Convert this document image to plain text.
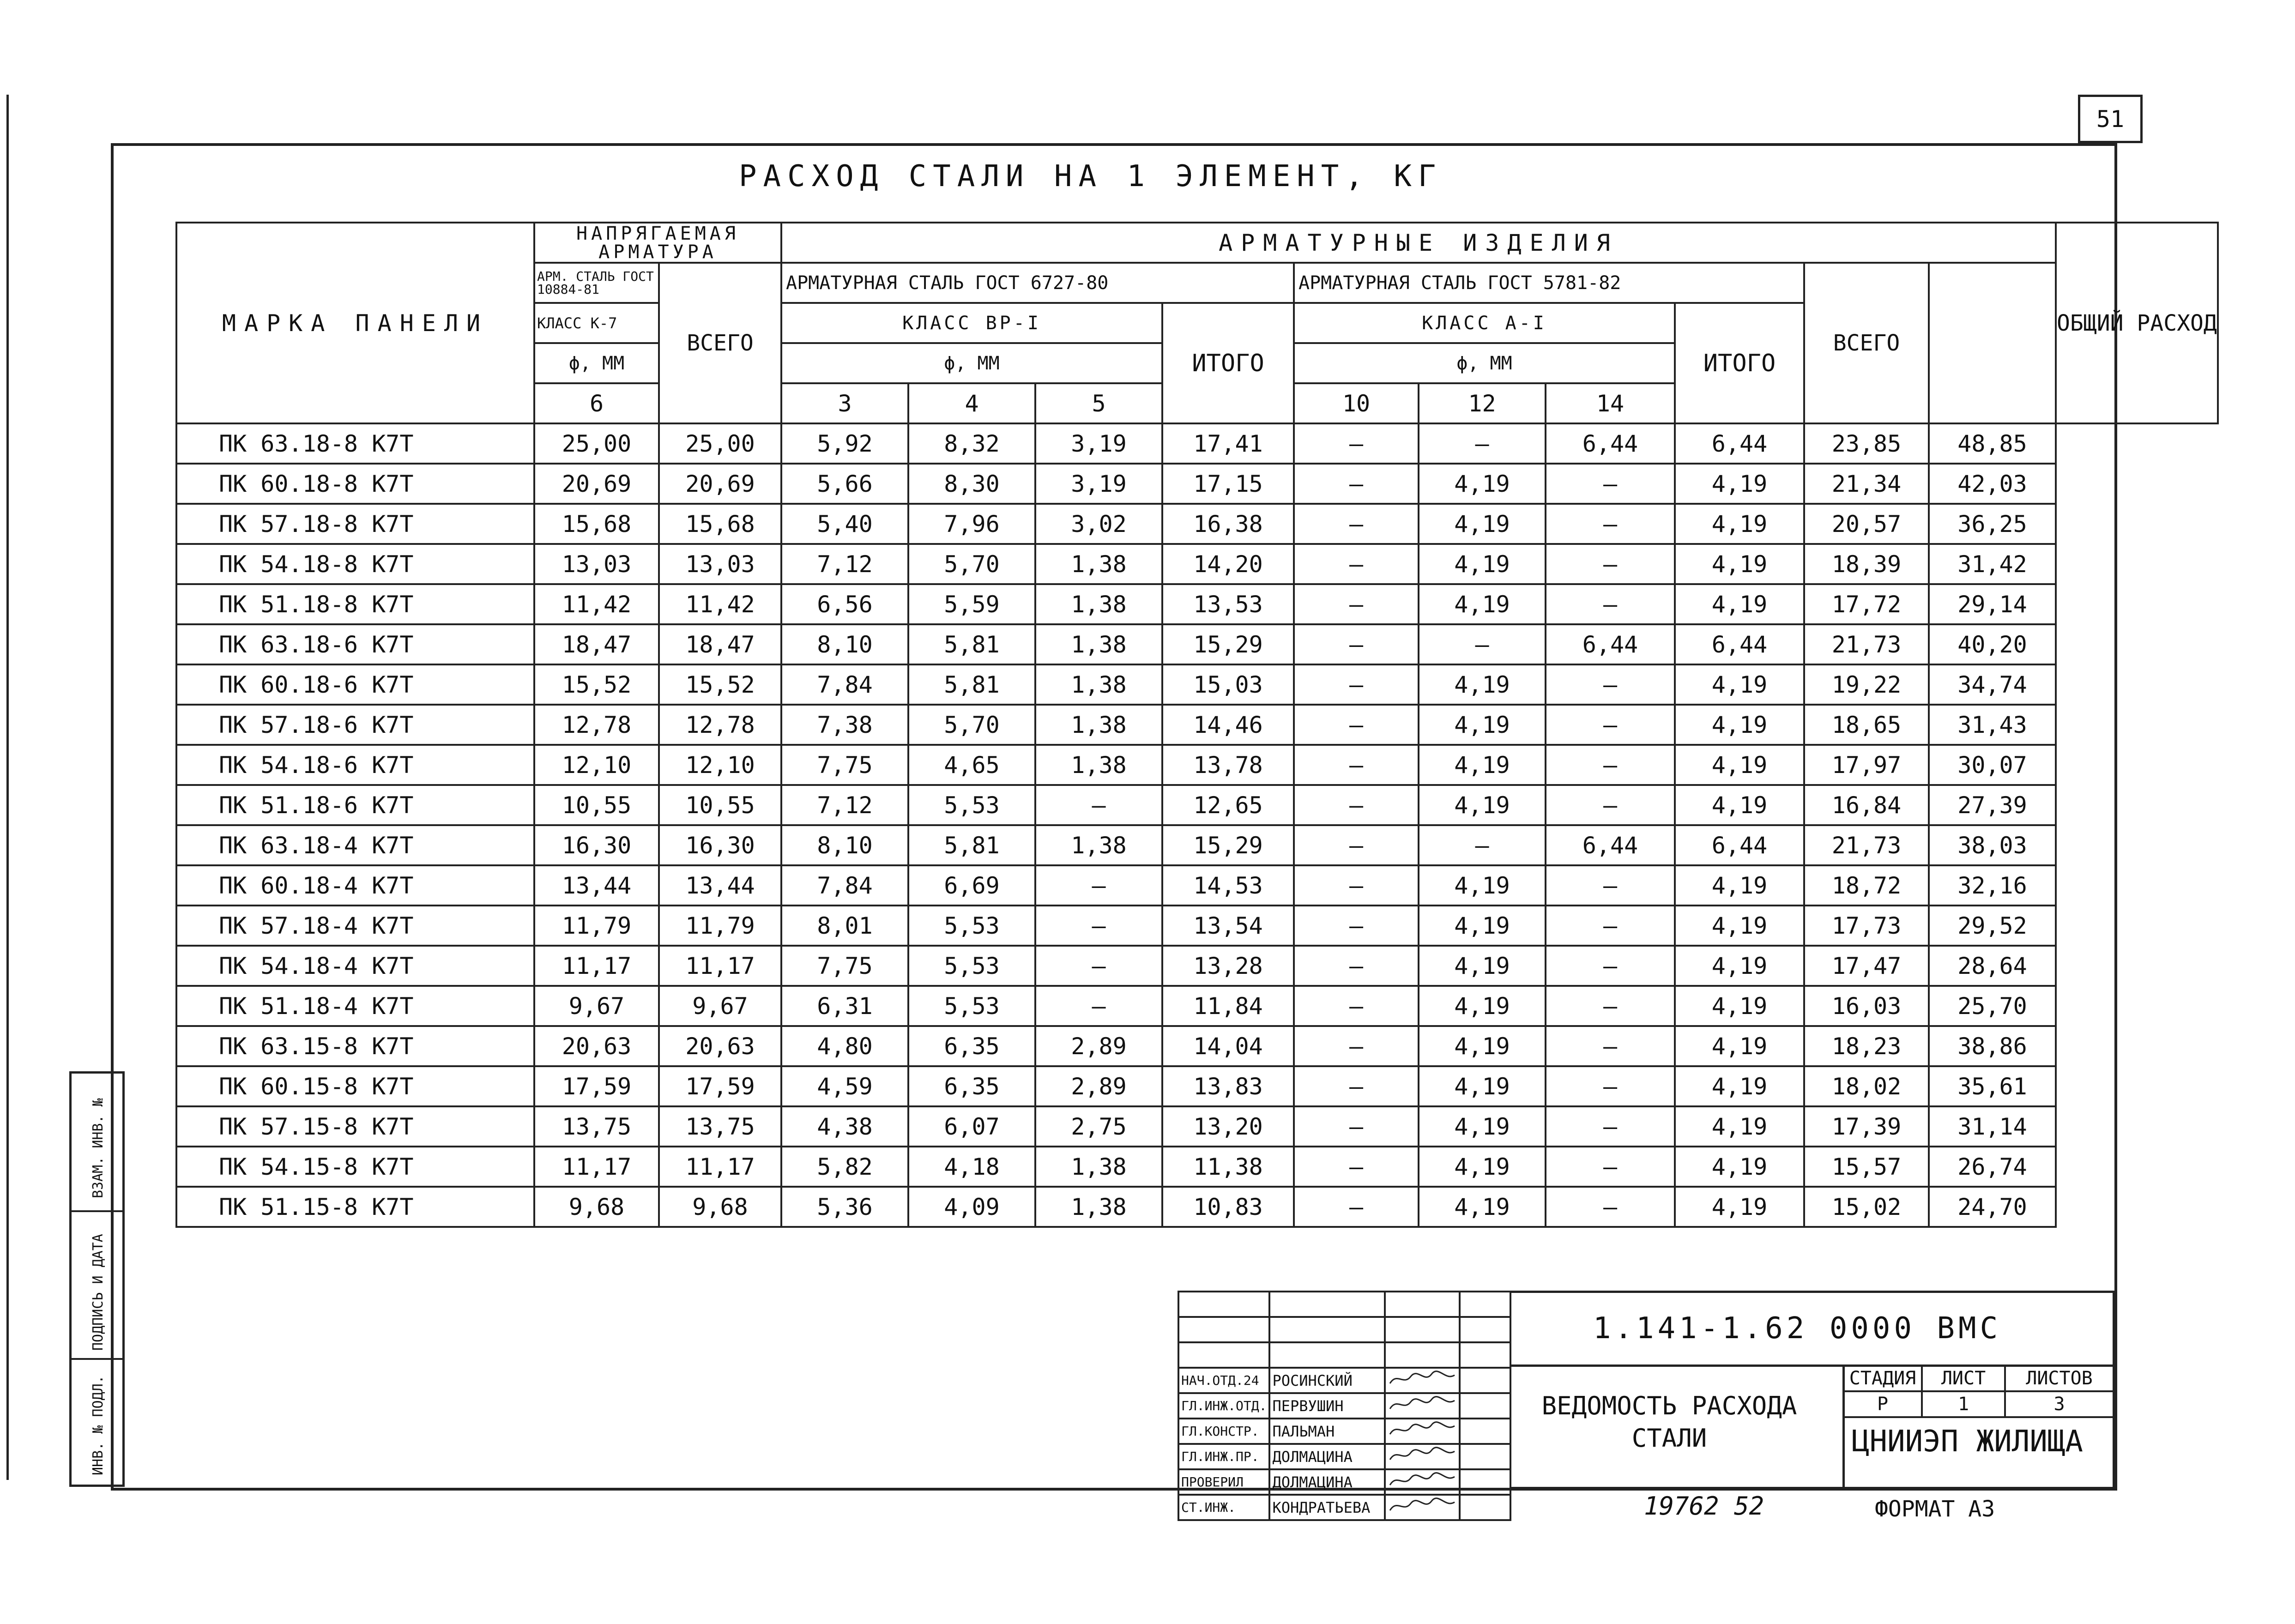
51
РАСХОД СТАЛИ НА 1 ЭЛЕМЕНТ, КГ
МАРКА ПАНЕЛИ	НАПРЯГАЕМАЯ АРМАТУРА		АРМАТУРНЫЕ ИЗДЕЛИЯ										ОБЩИЙ РАСХОД
	АРМ. СТАЛЬ ГОСТ 10884-81	ВСЕГО	АРМАТУРНАЯ СТАЛЬ ГОСТ 6727-80				АРМАТУРНАЯ СТАЛЬ ГОСТ 5781-82				ВСЕГО		
	КЛАСС К-7		КЛАСС ВР-I			ИТОГО	КЛАСС А-I			ИТОГО			
	ϕ, ММ		ϕ, ММ				ϕ, ММ						
	6		3	4	5		10	12	14				
ПК 63.18-8 К7Т	25,00	25,00	5,92	8,32	3,19	17,41	—	—	6,44	6,44	23,85	48,85	
ПК 60.18-8 К7Т	20,69	20,69	5,66	8,30	3,19	17,15	—	4,19	—	4,19	21,34	42,03	
ПК 57.18-8 К7Т	15,68	15,68	5,40	7,96	3,02	16,38	—	4,19	—	4,19	20,57	36,25	
ПК 54.18-8 К7Т	13,03	13,03	7,12	5,70	1,38	14,20	—	4,19	—	4,19	18,39	31,42	
ПК 51.18-8 К7Т	11,42	11,42	6,56	5,59	1,38	13,53	—	4,19	—	4,19	17,72	29,14	
ПК 63.18-6 К7Т	18,47	18,47	8,10	5,81	1,38	15,29	—	—	6,44	6,44	21,73	40,20	
ПК 60.18-6 К7Т	15,52	15,52	7,84	5,81	1,38	15,03	—	4,19	—	4,19	19,22	34,74	
ПК 57.18-6 К7Т	12,78	12,78	7,38	5,70	1,38	14,46	—	4,19	—	4,19	18,65	31,43	
ПК 54.18-6 К7Т	12,10	12,10	7,75	4,65	1,38	13,78	—	4,19	—	4,19	17,97	30,07	
ПК 51.18-6 К7Т	10,55	10,55	7,12	5,53	—	12,65	—	4,19	—	4,19	16,84	27,39	
ПК 63.18-4 К7Т	16,30	16,30	8,10	5,81	1,38	15,29	—	—	6,44	6,44	21,73	38,03	
ПК 60.18-4 К7Т	13,44	13,44	7,84	6,69	—	14,53	—	4,19	—	4,19	18,72	32,16	
ПК 57.18-4 К7Т	11,79	11,79	8,01	5,53	—	13,54	—	4,19	—	4,19	17,73	29,52	
ПК 54.18-4 К7Т	11,17	11,17	7,75	5,53	—	13,28	—	4,19	—	4,19	17,47	28,64	
ПК 51.18-4 К7Т	9,67	9,67	6,31	5,53	—	11,84	—	4,19	—	4,19	16,03	25,70	
ПК 63.15-8 К7Т	20,63	20,63	4,80	6,35	2,89	14,04	—	4,19	—	4,19	18,23	38,86	
ПК 60.15-8 К7Т	17,59	17,59	4,59	6,35	2,89	13,83	—	4,19	—	4,19	18,02	35,61	
ПК 57.15-8 К7Т	13,75	13,75	4,38	6,07	2,75	13,20	—	4,19	—	4,19	17,39	31,14	
ПК 54.15-8 К7Т	11,17	11,17	5,82	4,18	1,38	11,38	—	4,19	—	4,19	15,57	26,74	
ПК 51.15-8 К7Т	9,68	9,68	5,36	4,09	1,38	10,83	—	4,19	—	4,19	15,02	24,70	
ВЗАМ. ИНВ. №
ПОДПИСЬ И ДАТА
ИНВ. № ПОДЛ.

				НАЧ.ОТД.24	РОСИНСКИЙ		
ГЛ.ИНЖ.ОТД.	ПЕРВУШИН		
ГЛ.КОНСТР.	ПАЛЬМАН		
ГЛ.ИНЖ.ПР.	ДОЛМАЦИНА		
ПРОВЕРИЛ	ДОЛМАЦИНА		
СТ.ИНЖ.	КОНДРАТЬЕВА		
1.141-1.62 0000 ВМС
ВЕДОМОСТЬ РАСХОДА
СТАЛИ
СТАДИЯ	ЛИСТ	ЛИСТОВ
Р	1	3
ЦНИИЭП ЖИЛИЩА
19762 52	ФОРМАТ А3
